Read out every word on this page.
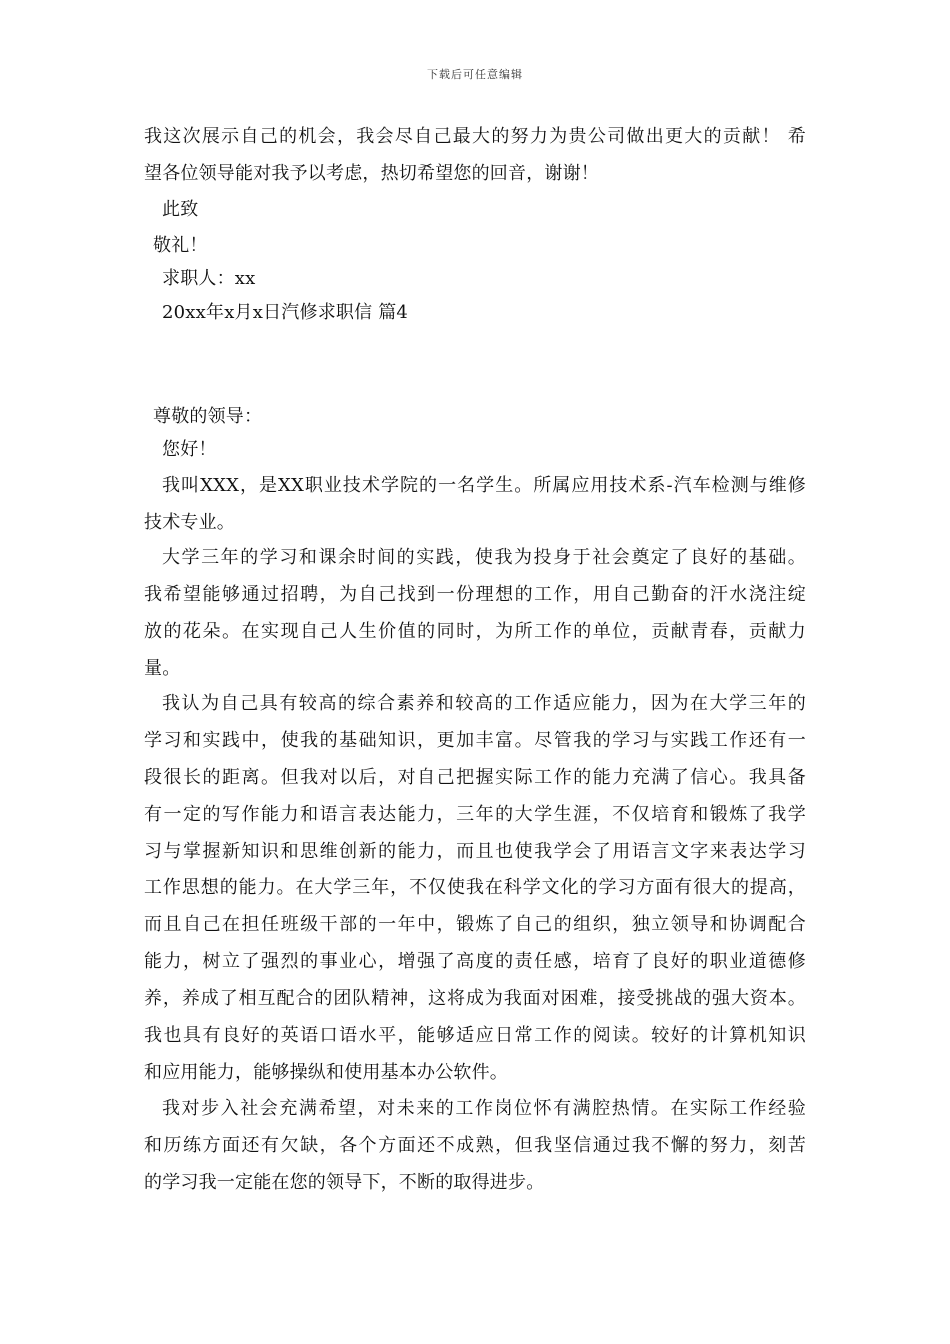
下载后可任意编辑
我这次展示自己的机会，我会尽自己最大的努力为贵公司做出更大的贡献！ 希
望各位领导能对我予以考虑，热切希望您的回音，谢谢！
此致
敬礼！
求职人：xx
20xx年x月x日汽修求职信 篇4
尊敬的领导：
您好！
我叫XXX，是XX职业技术学院的一名学生。所属应用技术系-汽车检测与维修
技术专业。
大学三年的学习和课余时间的实践，使我为投身于社会奠定了良好的基础。
我希望能够通过招聘，为自己找到一份理想的工作，用自己勤奋的汗水浇注绽
放的花朵。在实现自己人生价值的同时，为所工作的单位，贡献青春，贡献力
量。
我认为自己具有较高的综合素养和较高的工作适应能力，因为在大学三年的
学习和实践中，使我的基础知识，更加丰富。尽管我的学习与实践工作还有一
段很长的距离。但我对以后，对自己把握实际工作的能力充满了信心。我具备
有一定的写作能力和语言表达能力，三年的大学生涯，不仅培育和锻炼了我学
习与掌握新知识和思维创新的能力，而且也使我学会了用语言文字来表达学习
工作思想的能力。在大学三年，不仅使我在科学文化的学习方面有很大的提高，
而且自己在担任班级干部的一年中，锻炼了自己的组织，独立领导和协调配合
能力，树立了强烈的事业心，增强了高度的责任感，培育了良好的职业道德修
养，养成了相互配合的团队精神，这将成为我面对困难，接受挑战的强大资本。
我也具有良好的英语口语水平，能够适应日常工作的阅读。较好的计算机知识
和应用能力，能够操纵和使用基本办公软件。
我对步入社会充满希望，对未来的工作岗位怀有满腔热情。在实际工作经验
和历练方面还有欠缺，各个方面还不成熟，但我坚信通过我不懈的努力，刻苦
的学习我一定能在您的领导下，不断的取得进步。
